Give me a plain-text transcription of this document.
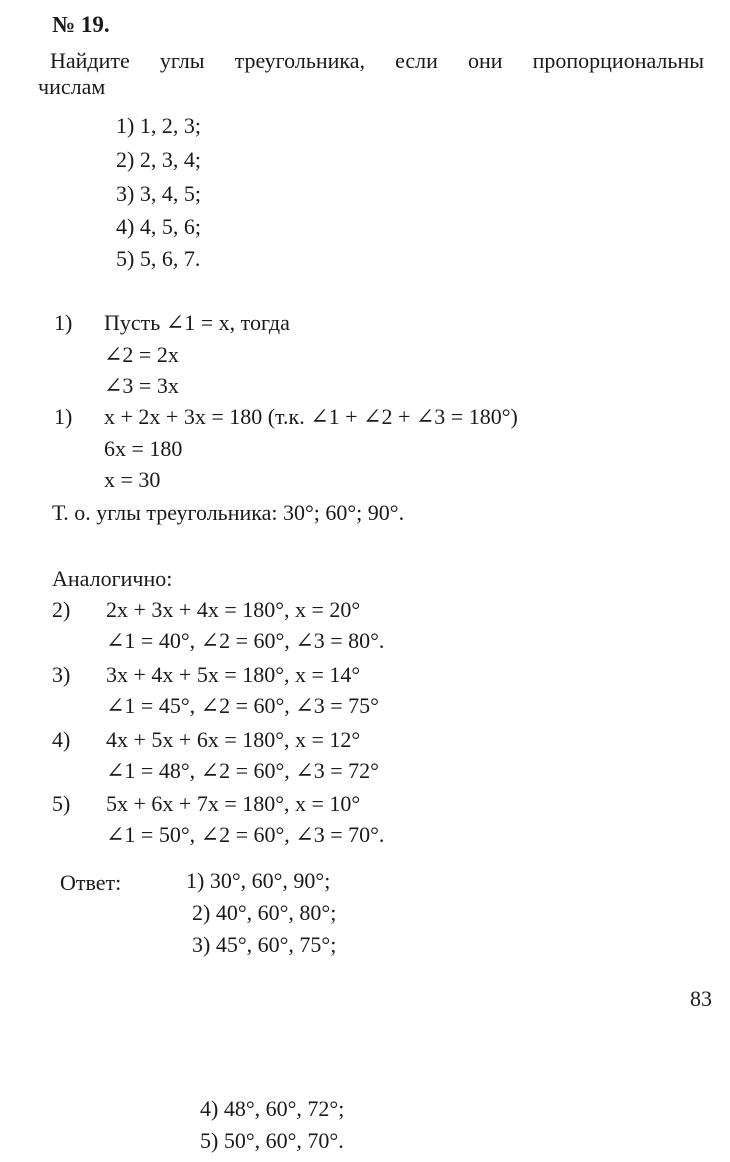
№ 19.
Найдите углы треугольника, если они пропорциональны
числам
1) 1, 2, 3;
2) 2, 3, 4;
3) 3, 4, 5;
4) 4, 5, 6;
5) 5, 6, 7.
1) Пусть ∠1 = x, тогда
∠2 = 2x
∠3 = 3x
1) x + 2x + 3x = 180 (т.к. ∠1 + ∠2 + ∠3 = 180°)
6x = 180
x = 30
Т. о. углы треугольника: 30°; 60°; 90°.
Аналогично:
2) 2x + 3x + 4x = 180°, x = 20°
∠1 = 40°, ∠2 = 60°, ∠3 = 80°.
3) 3x + 4x + 5x = 180°, x = 14°
∠1 = 45°, ∠2 = 60°, ∠3 = 75°
4) 4x + 5x + 6x = 180°, x = 12°
∠1 = 48°, ∠2 = 60°, ∠3 = 72°
5) 5x + 6x + 7x = 180°, x = 10°
∠1 = 50°, ∠2 = 60°, ∠3 = 70°.
Ответ:	1) 30°, 60°, 90°;
2) 40°, 60°, 80°;
3) 45°, 60°, 75°;
83
4) 48°, 60°, 72°;
5) 50°, 60°, 70°.
